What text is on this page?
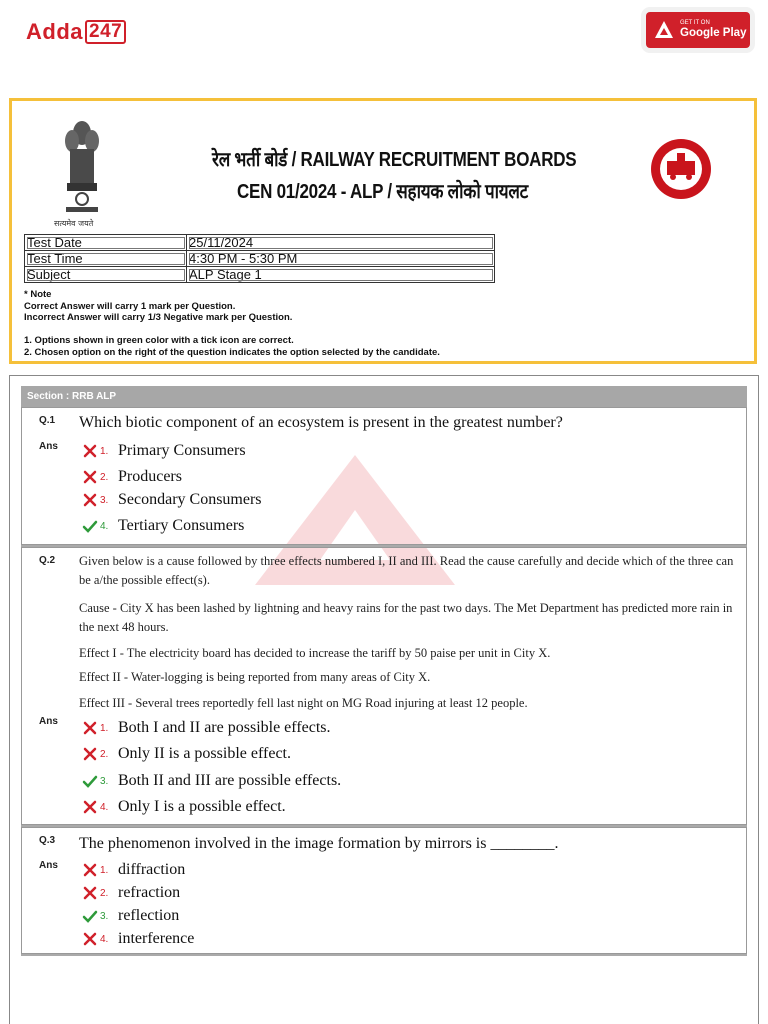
Adda 247	GET IT ON
Google Play
सत्यमेव जयते
रेल भर्ती बोर्ड / RAILWAY RECRUITMENT BOARDS
CEN 01/2024 - ALP / सहायक लोको पायलट
Test Date	25/11/2024
Test Time	4:30 PM - 5:30 PM
Subject	ALP Stage 1

* Note

Correct Answer will carry 1 mark per Question.

Incorrect Answer will carry 1/3 Negative mark per Question.

1. Options shown in green color with a tick icon are correct.

2. Chosen option on the right of the question indicates the option selected by the candidate.

Section : RRB ALP
Q.1 Which biotic component of an ecosystem is present in the greatest number?
Ans	1. Primary Consumers
2. Producers
3. Secondary Consumers
4. Tertiary Consumers
Q.2 Given below is a cause followed by three effects numbered I, II and III. Read the cause carefully and decide which of the three can be a/the possible effect(s).
Cause - City X has been lashed by lightning and heavy rains for the past two days. The Met Department has predicted more rain in the next 48 hours.
Effect I - The electricity board has decided to increase the tariff by 50 paise per unit in City X.
Effect II - Water-logging is being reported from many areas of City X.
Effect III - Several trees reportedly fell last night on MG Road injuring at least 12 people.
Ans
1. Both I and II are possible effects.
2. Only II is a possible effect.
3. Both II and III are possible effects.
4. Only I is a possible effect.
Q.3 The phenomenon involved in the image formation by mirrors is ________.
Ans	1. diffraction
2. refraction
3. reflection
4. interference
